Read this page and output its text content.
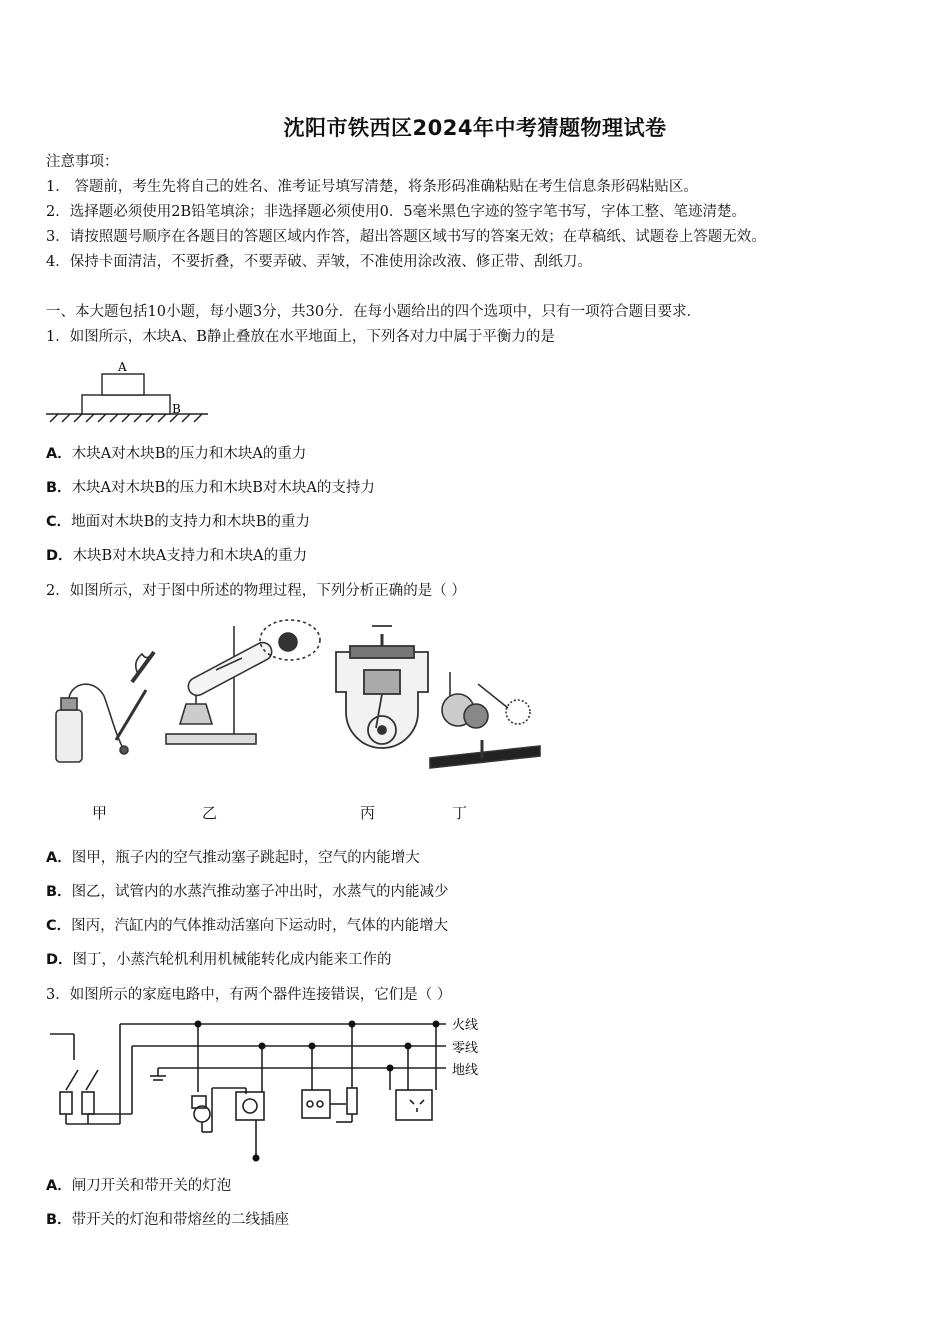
沈阳市铁西区2024年中考猜题物理试卷
注意事项：
1． 答题前，考生先将自己的姓名、准考证号填写清楚，将条形码准确粘贴在考生信息条形码粘贴区。
2．选择题必须使用2B铅笔填涂；非选择题必须使用0．5毫米黑色字迹的签字笔书写，字体工整、笔迹清楚。
3．请按照题号顺序在各题目的答题区域内作答，超出答题区域书写的答案无效；在草稿纸、试题卷上答题无效。
4．保持卡面清洁，不要折叠，不要弄破、弄皱，不准使用涂改液、修正带、刮纸刀。
一、本大题包括10小题，每小题3分，共30分．在每小题给出的四个选项中，只有一项符合题目要求．
1．如图所示，木块A、B静止叠放在水平地面上，下列各对力中属于平衡力的是
A
B
A．木块A对木块B的压力和木块A的重力
B．木块A对木块B的压力和木块B对木块A的支持力
C．地面对木块B的支持力和木块B的重力
D．木块B对木块A支持力和木块A的重力
2．如图所示，对于图中所述的物理过程，下列分析正确的是（ ）
甲	乙	丙	丁
A．图甲，瓶子内的空气推动塞子跳起时，空气的内能增大
B．图乙，试管内的水蒸汽推动塞子冲出时，水蒸气的内能减少
C．图丙，汽缸内的气体推动活塞向下运动时，气体的内能增大
D．图丁，小蒸汽轮机利用机械能转化成内能来工作的
3．如图所示的家庭电路中，有两个器件连接错误，它们是（ ）
火线
零线
地线
A．闸刀开关和带开关的灯泡
B．带开关的灯泡和带熔丝的二线插座
